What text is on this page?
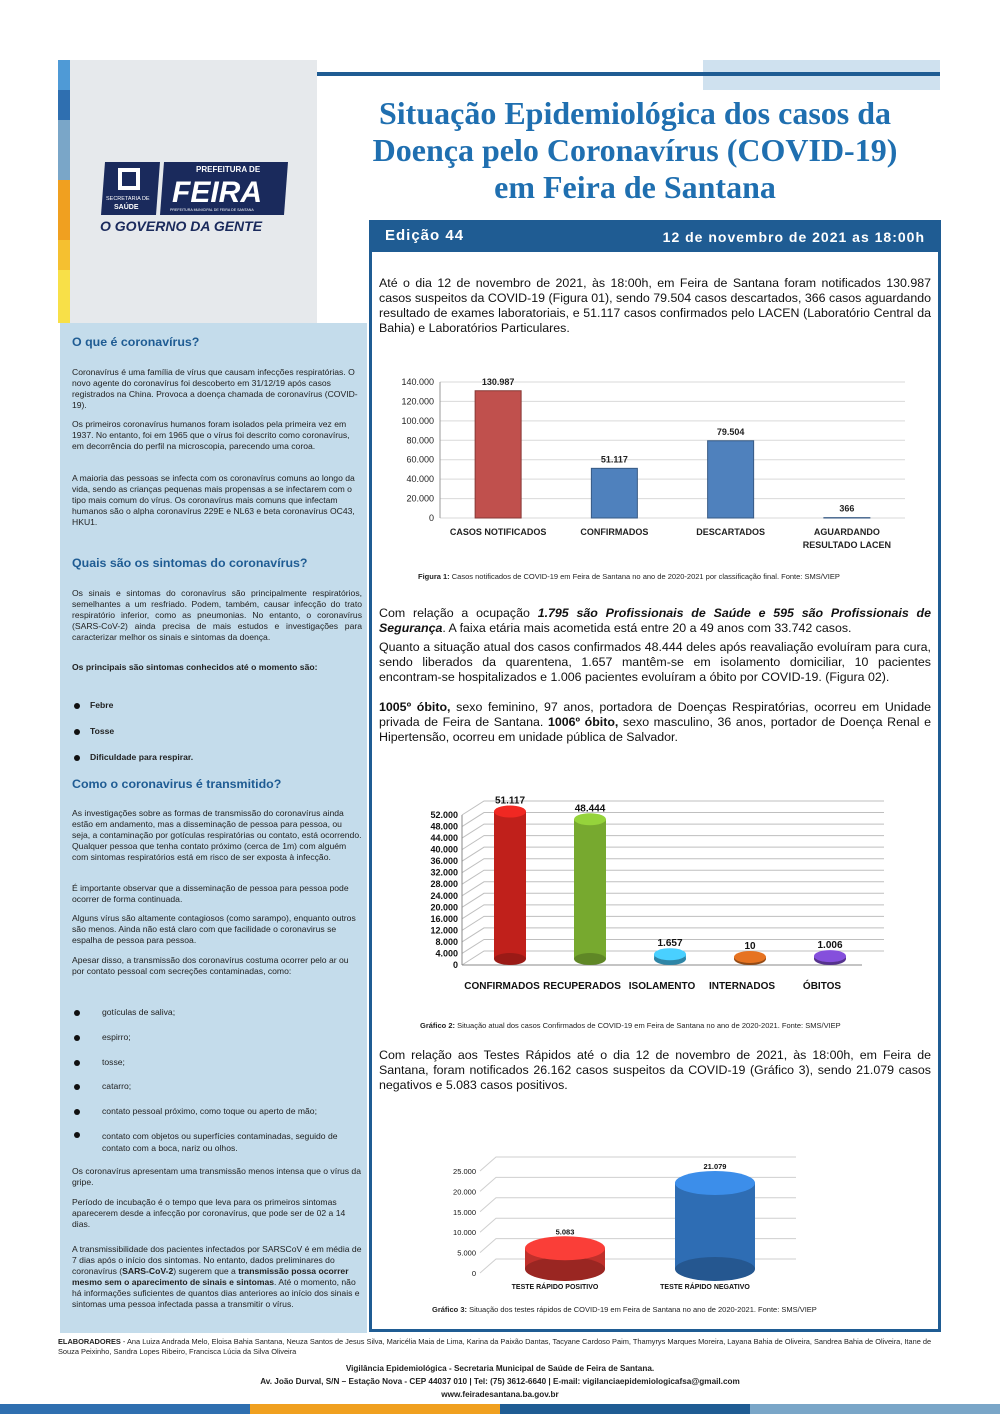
SECRETARIA DE
SAÚDE
PREFEITURA DE
FEIRA
PREFEITURA MUNICIPAL DE FEIRA DE SANTANA
O GOVERNO DA GENTE
Situação Epidemiológica dos casos da
Doença pelo Coronavírus (COVID-19)
em Feira de Santana
Edição 44	12 de novembro de 2021 as 18:00h
O que é coronavírus?
Coronavírus é uma família de vírus que causam infecções respiratórias. O novo agente do coronavírus foi descoberto em 31/12/19 após casos registrados na China. Provoca a doença chamada de coronavírus (COVID-19).
Os primeiros coronavírus humanos foram isolados pela primeira vez em 1937. No entanto, foi em 1965 que o vírus foi descrito como coronavírus, em decorrência do perfil na microscopia, parecendo uma coroa.
A maioria das pessoas se infecta com os coronavírus comuns ao longo da vida, sendo as crianças pequenas mais propensas a se infectarem com o tipo mais comum do vírus. Os coronavírus mais comuns que infectam humanos são o alpha coronavírus 229E e NL63 e beta coronavírus OC43, HKU1.
Quais são os sintomas do coronavírus?
Os sinais e sintomas do coronavírus são principalmente respiratórios, semelhantes a um resfriado. Podem, também, causar infecção do trato respiratório inferior, como as pneumonias. No entanto, o coronavírus (SARS-CoV-2) ainda precisa de mais estudos e investigações para caracterizar melhor os sinais e sintomas da doença.
Os principais são sintomas conhecidos até o momento são:
Febre
Tosse
Dificuldade para respirar.
Como o coronavirus é transmitido?
As investigações sobre as formas de transmissão do coronavírus ainda estão em andamento, mas a disseminação de pessoa para pessoa, ou seja, a contaminação por gotículas respiratórias ou contato, está ocorrendo. Qualquer pessoa que tenha contato próximo (cerca de 1m) com alguém com sintomas respiratórios está em risco de ser exposta à infecção.
É importante observar que a disseminação de pessoa para pessoa pode ocorrer de forma continuada.
Alguns vírus são altamente contagiosos (como sarampo), enquanto outros são menos. Ainda não está claro com que facilidade o coronavirus se espalha de pessoa para pessoa.
Apesar disso, a transmissão dos coronavírus costuma ocorrer pelo ar ou por contato pessoal com secreções contaminadas, como:
gotículas de saliva;
espirro;
tosse;
catarro;
contato pessoal próximo, como toque ou aperto de mão;
contato com objetos ou superfícies contaminadas, seguido de contato com a boca, nariz ou olhos.
Os coronavírus apresentam uma transmissão menos intensa que o vírus da gripe.
Período de incubação é o tempo que leva para os primeiros sintomas aparecerem desde a infecção por coronavírus, que pode ser de 02 a 14 dias.
A transmissibilidade dos pacientes infectados por SARSCoV é em média de 7 dias após o início dos sintomas. No entanto, dados preliminares do coronavírus (SARS-CoV-2) sugerem que a transmissão possa ocorrer mesmo sem o aparecimento de sinais e sintomas. Até o momento, não há informações suficientes de quantos dias anteriores ao início dos sinais e sintomas uma pessoa infectada passa a transmitir o vírus.
Até o dia 12 de novembro de 2021, às 18:00h, em Feira de Santana foram notificados 130.987 casos suspeitos da COVID-19 (Figura 01), sendo 79.504 casos descartados, 366 casos aguardando resultado de exames laboratoriais, e 51.117 casos confirmados pelo LACEN (Laboratório Central da Bahia) e Laboratórios Particulares.
0
20.000
40.000
60.000
80.000
100.000
120.000
140.000	130.987
CASOS NOTIFICADOS
51.117
CONFIRMADOS
79.504
DESCARTADOS
366
AGUARDANDO
RESULTADO LACEN
Figura 1: Casos notificados de COVID-19 em Feira de Santana no ano de 2020-2021 por classificação final. Fonte: SMS/VIEP
Com relação a ocupação 1.795 são Profissionais de Saúde e 595 são Profissionais de Segurança. A faixa etária mais acometida está entre 20 a 49 anos com 33.742 casos.
Quanto a situação atual dos casos confirmados 48.444 deles após reavaliação evoluíram para cura, sendo liberados da quarentena, 1.657 mantêm-se em isolamento domiciliar, 10 pacientes encontram-se hospitalizados e 1.006 pacientes evoluíram a óbito por COVID-19. (Figura 02).
1005º óbito, sexo feminino, 97 anos, portadora de Doenças Respiratórias, ocorreu em Unidade privada de Feira de Santana. 1006º óbito, sexo masculino, 36 anos, portador de Doença Renal e Hipertensão, ocorreu em unidade pública de Salvador.
0
4.000
8.000
12.000
16.000
20.000
24.000
28.000
32.000
36.000
40.000
44.000
48.000
52.000
51.117
CONFIRMADOS
48.444
RECUPERADOS
1.657
ISOLAMENTO
10
INTERNADOS
1.006
ÓBITOS
Gráfico 2: Situação atual dos casos Confirmados de COVID-19 em Feira de Santana no ano de 2020-2021. Fonte: SMS/VIEP
Com relação aos Testes Rápidos até o dia 12 de novembro de 2021, às 18:00h, em Feira de Santana, foram notificados 26.162 casos suspeitos da COVID-19 (Gráfico 3), sendo 21.079 casos negativos e 5.083 casos positivos.
0
5.000
10.000
15.000
20.000
25.000
5.083
TESTE RÁPIDO POSITIVO
21.079
TESTE RÁPIDO NEGATIVO
Gráfico 3: Situação dos testes rápidos de COVID-19 em Feira de Santana no ano de 2020-2021. Fonte: SMS/VIEP
ELABORADORES - Ana Luiza Andrada Melo, Eloisa Bahia Santana, Neuza Santos de Jesus Silva, Maricélia Maia de Lima, Karina da Paixão Dantas, Tacyane Cardoso Paim, Thamyrys Marques Moreira, Layana Bahia de Oliveira, Sandrea Bahia de Oliveira, Itane de Souza Peixinho, Sandra Lopes Ribeiro, Francisca Lúcia da Silva Oliveira
Vigilância Epidemiológica - Secretaria Municipal de Saúde de Feira de Santana.
Av. João Durval, S/N – Estação Nova - CEP 44037 010 | Tel: (75) 3612-6640 | E-mail: vigilanciaepidemiologicafsa@gmail.com
www.feiradesantana.ba.gov.br
